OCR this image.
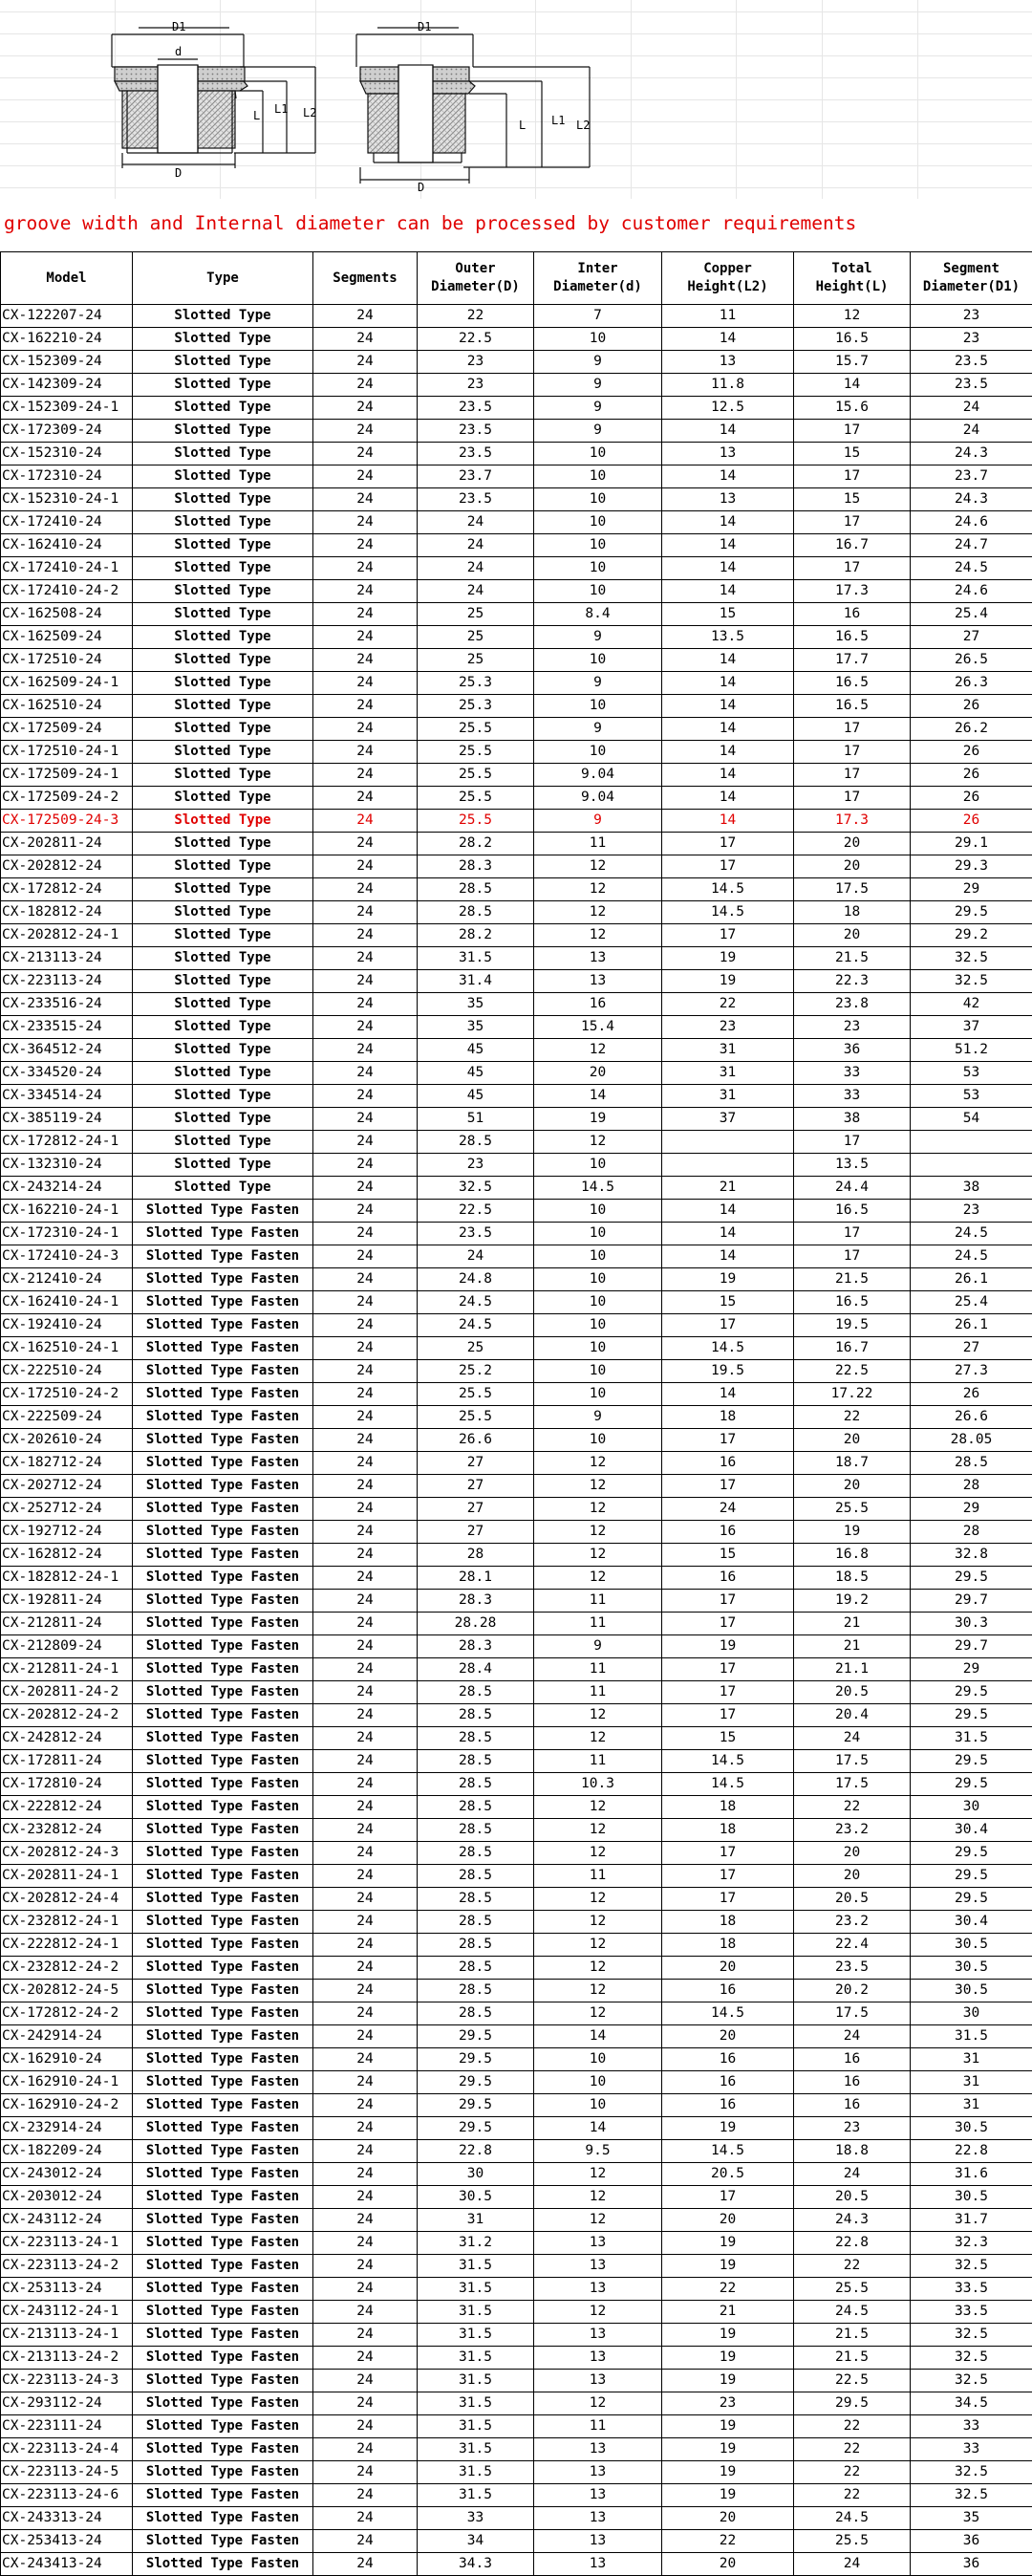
D1
d
L L1 L2
D
D1
L L1 L2
D

groove width and Internal diameter can be processed by customer requirements

Model	Type	Segments	Outer Diameter(D)	Inter Diameter(d)	Copper Height(L2)	Total Height(L)	Segment Diameter(D1)
CX-122207-24	Slotted Type	24	22	7	11	12	23
CX-162210-24	Slotted Type	24	22.5	10	14	16.5	23
CX-152309-24	Slotted Type	24	23	9	13	15.7	23.5
CX-142309-24	Slotted Type	24	23	9	11.8	14	23.5
CX-152309-24-1	Slotted Type	24	23.5	9	12.5	15.6	24
CX-172309-24	Slotted Type	24	23.5	9	14	17	24
CX-152310-24	Slotted Type	24	23.5	10	13	15	24.3
CX-172310-24	Slotted Type	24	23.7	10	14	17	23.7
CX-152310-24-1	Slotted Type	24	23.5	10	13	15	24.3
CX-172410-24	Slotted Type	24	24	10	14	17	24.6
CX-162410-24	Slotted Type	24	24	10	14	16.7	24.7
CX-172410-24-1	Slotted Type	24	24	10	14	17	24.5
CX-172410-24-2	Slotted Type	24	24	10	14	17.3	24.6
CX-162508-24	Slotted Type	24	25	8.4	15	16	25.4
CX-162509-24	Slotted Type	24	25	9	13.5	16.5	27
CX-172510-24	Slotted Type	24	25	10	14	17.7	26.5
CX-162509-24-1	Slotted Type	24	25.3	9	14	16.5	26.3
CX-162510-24	Slotted Type	24	25.3	10	14	16.5	26
CX-172509-24	Slotted Type	24	25.5	9	14	17	26.2
CX-172510-24-1	Slotted Type	24	25.5	10	14	17	26
CX-172509-24-1	Slotted Type	24	25.5	9.04	14	17	26
CX-172509-24-2	Slotted Type	24	25.5	9.04	14	17	26
CX-172509-24-3	Slotted Type	24	25.5	9	14	17.3	26
CX-202811-24	Slotted Type	24	28.2	11	17	20	29.1
CX-202812-24	Slotted Type	24	28.3	12	17	20	29.3
CX-172812-24	Slotted Type	24	28.5	12	14.5	17.5	29
CX-182812-24	Slotted Type	24	28.5	12	14.5	18	29.5
CX-202812-24-1	Slotted Type	24	28.2	12	17	20	29.2
CX-213113-24	Slotted Type	24	31.5	13	19	21.5	32.5
CX-223113-24	Slotted Type	24	31.4	13	19	22.3	32.5
CX-233516-24	Slotted Type	24	35	16	22	23.8	42
CX-233515-24	Slotted Type	24	35	15.4	23	23	37
CX-364512-24	Slotted Type	24	45	12	31	36	51.2
CX-334520-24	Slotted Type	24	45	20	31	33	53
CX-334514-24	Slotted Type	24	45	14	31	33	53
CX-385119-24	Slotted Type	24	51	19	37	38	54
CX-172812-24-1	Slotted Type	24	28.5	12		17	
CX-132310-24	Slotted Type	24	23	10		13.5	
CX-243214-24	Slotted Type	24	32.5	14.5	21	24.4	38
CX-162210-24-1	Slotted Type Fasten	24	22.5	10	14	16.5	23
CX-172310-24-1	Slotted Type Fasten	24	23.5	10	14	17	24.5
CX-172410-24-3	Slotted Type Fasten	24	24	10	14	17	24.5
CX-212410-24	Slotted Type Fasten	24	24.8	10	19	21.5	26.1
CX-162410-24-1	Slotted Type Fasten	24	24.5	10	15	16.5	25.4
CX-192410-24	Slotted Type Fasten	24	24.5	10	17	19.5	26.1
CX-162510-24-1	Slotted Type Fasten	24	25	10	14.5	16.7	27
CX-222510-24	Slotted Type Fasten	24	25.2	10	19.5	22.5	27.3
CX-172510-24-2	Slotted Type Fasten	24	25.5	10	14	17.22	26
CX-222509-24	Slotted Type Fasten	24	25.5	9	18	22	26.6
CX-202610-24	Slotted Type Fasten	24	26.6	10	17	20	28.05
CX-182712-24	Slotted Type Fasten	24	27	12	16	18.7	28.5
CX-202712-24	Slotted Type Fasten	24	27	12	17	20	28
CX-252712-24	Slotted Type Fasten	24	27	12	24	25.5	29
CX-192712-24	Slotted Type Fasten	24	27	12	16	19	28
CX-162812-24	Slotted Type Fasten	24	28	12	15	16.8	32.8
CX-182812-24-1	Slotted Type Fasten	24	28.1	12	16	18.5	29.5
CX-192811-24	Slotted Type Fasten	24	28.3	11	17	19.2	29.7
CX-212811-24	Slotted Type Fasten	24	28.28	11	17	21	30.3
CX-212809-24	Slotted Type Fasten	24	28.3	9	19	21	29.7
CX-212811-24-1	Slotted Type Fasten	24	28.4	11	17	21.1	29
CX-202811-24-2	Slotted Type Fasten	24	28.5	11	17	20.5	29.5
CX-202812-24-2	Slotted Type Fasten	24	28.5	12	17	20.4	29.5
CX-242812-24	Slotted Type Fasten	24	28.5	12	15	24	31.5
CX-172811-24	Slotted Type Fasten	24	28.5	11	14.5	17.5	29.5
CX-172810-24	Slotted Type Fasten	24	28.5	10.3	14.5	17.5	29.5
CX-222812-24	Slotted Type Fasten	24	28.5	12	18	22	30
CX-232812-24	Slotted Type Fasten	24	28.5	12	18	23.2	30.4
CX-202812-24-3	Slotted Type Fasten	24	28.5	12	17	20	29.5
CX-202811-24-1	Slotted Type Fasten	24	28.5	11	17	20	29.5
CX-202812-24-4	Slotted Type Fasten	24	28.5	12	17	20.5	29.5
CX-232812-24-1	Slotted Type Fasten	24	28.5	12	18	23.2	30.4
CX-222812-24-1	Slotted Type Fasten	24	28.5	12	18	22.4	30.5
CX-232812-24-2	Slotted Type Fasten	24	28.5	12	20	23.5	30.5
CX-202812-24-5	Slotted Type Fasten	24	28.5	12	16	20.2	30.5
CX-172812-24-2	Slotted Type Fasten	24	28.5	12	14.5	17.5	30
CX-242914-24	Slotted Type Fasten	24	29.5	14	20	24	31.5
CX-162910-24	Slotted Type Fasten	24	29.5	10	16	16	31
CX-162910-24-1	Slotted Type Fasten	24	29.5	10	16	16	31
CX-162910-24-2	Slotted Type Fasten	24	29.5	10	16	16	31
CX-232914-24	Slotted Type Fasten	24	29.5	14	19	23	30.5
CX-182209-24	Slotted Type Fasten	24	22.8	9.5	14.5	18.8	22.8
CX-243012-24	Slotted Type Fasten	24	30	12	20.5	24	31.6
CX-203012-24	Slotted Type Fasten	24	30.5	12	17	20.5	30.5
CX-243112-24	Slotted Type Fasten	24	31	12	20	24.3	31.7
CX-223113-24-1	Slotted Type Fasten	24	31.2	13	19	22.8	32.3
CX-223113-24-2	Slotted Type Fasten	24	31.5	13	19	22	32.5
CX-253113-24	Slotted Type Fasten	24	31.5	13	22	25.5	33.5
CX-243112-24-1	Slotted Type Fasten	24	31.5	12	21	24.5	33.5
CX-213113-24-1	Slotted Type Fasten	24	31.5	13	19	21.5	32.5
CX-213113-24-2	Slotted Type Fasten	24	31.5	13	19	21.5	32.5
CX-223113-24-3	Slotted Type Fasten	24	31.5	13	19	22.5	32.5
CX-293112-24	Slotted Type Fasten	24	31.5	12	23	29.5	34.5
CX-223111-24	Slotted Type Fasten	24	31.5	11	19	22	33
CX-223113-24-4	Slotted Type Fasten	24	31.5	13	19	22	33
CX-223113-24-5	Slotted Type Fasten	24	31.5	13	19	22	32.5
CX-223113-24-6	Slotted Type Fasten	24	31.5	13	19	22	32.5
CX-243313-24	Slotted Type Fasten	24	33	13	20	24.5	35
CX-253413-24	Slotted Type Fasten	24	34	13	22	25.5	36
CX-243413-24	Slotted Type Fasten	24	34.3	13	20	24	36
